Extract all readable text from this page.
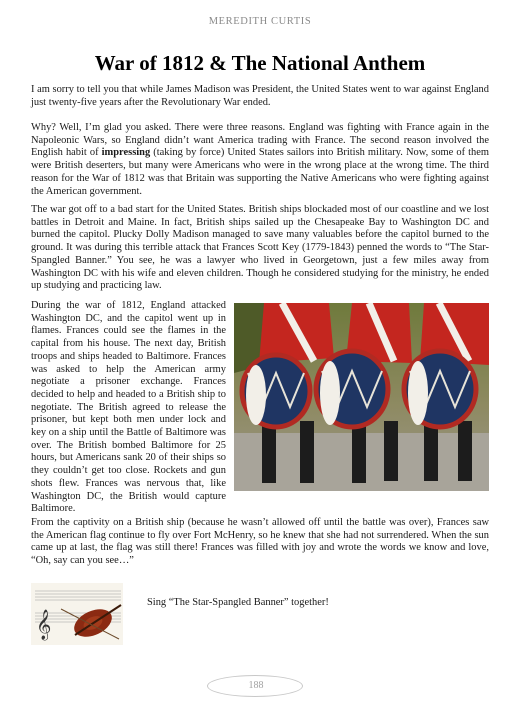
MEREDITH CURTIS
War of 1812 & The National Anthem

I am sorry to tell you that while James Madison was President, the United States went to war against England just twenty-five years after the Revolutionary War ended.

Why? Well, I’m glad you asked. There were three reasons. England was fighting with France again in the Napoleonic Wars, so England didn’t want America trading with France. The second reason involved the English habit of impressing (taking by force) United States sailors into British military. Now, some of them were British deserters, but many were Americans who were in the wrong place at the wrong time. The third reason for the War of 1812 was that Britain was supporting the Native Americans who were fighting against the American government.

The war got off to a bad start for the United States. British ships blockaded most of our coastline and we lost battles in Detroit and Maine. In fact, British ships sailed up the Chesapeake Bay to Washington DC and burned the capitol. Plucky Dolly Madison managed to save many valuables before the capitol burned to the ground. It was during this terrible attack that Frances Scott Key (1779-1843) penned the words to “The Star-Spangled Banner.” You see, he was a lawyer who lived in Georgetown, just a few miles away from Washington DC with his wife and eleven children. Though he considered studying for the ministry, he ended up studying and practicing law.

During the war of 1812, England attacked Washington DC, and the capitol went up in flames. Frances could see the flames in the capital from his house. The next day, British troops and ships headed to Baltimore. Frances was asked to help the American army negotiate a prisoner exchange. Frances decided to help and headed to a British ship to negotiate. The British agreed to release the prisoner, but kept both men under lock and key on a ship until the Battle of Baltimore was over. The British bombed Baltimore for 25 hours, but Americans sank 20 of their ships so they couldn’t get too close. Rockets and gun shots flew. Frances was nervous that, like Washington DC, the British would capture Baltimore.

From the captivity on a British ship (because he wasn’t allowed off until the battle was over), Frances saw the American flag continue to fly over Fort McHenry, so he knew that she had not surrendered. When the sun came up at last, the flag was still there! Frances was filled with joy and wrote the words we know and love, “Oh, say can you see…”

𝄞
Sing “The Star-Spangled Banner” together!
188
